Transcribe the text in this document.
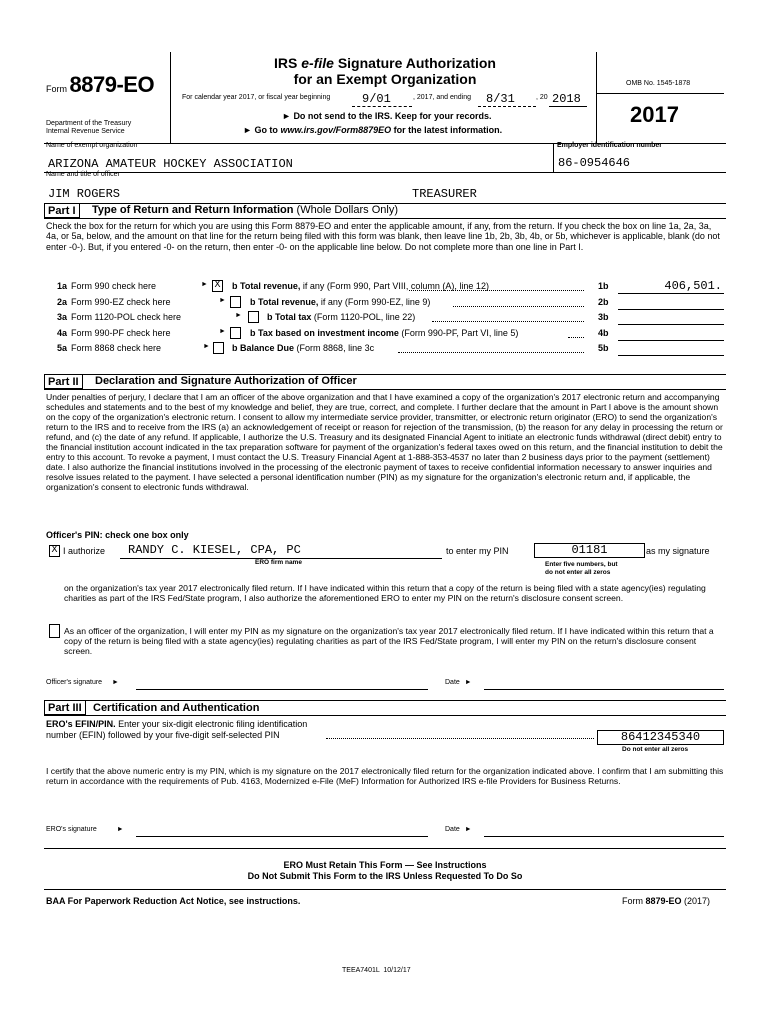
Form 8879-EO
IRS e-file Signature Authorization
for an Exempt Organization
For calendar year 2017, or fiscal year beginning	9/01	, 2017, and ending 8/31	, 20 2018
► Do not send to the IRS. Keep for your records.
► Go to www.irs.gov/Form8879EO for the latest information.
Department of the Treasury
Internal Revenue Service
OMB No. 1545-1878
2017
Name of exempt organization	Employer identification number
ARIZONA AMATEUR HOCKEY ASSOCIATION	86-0954646
Name and title of officer
JIM ROGERS	TREASURER
Part I	Type of Return and Return Information (Whole Dollars Only)
Check the box for the return for which you are using this Form 8879-EO and enter the applicable amount, if any, from the return. If you check the box on line 1a, 2a, 3a, 4a, or 5a, below, and the amount on that line for the return being filed with this form was blank, then leave line 1b, 2b, 3b, 4b, or 5b, whichever is applicable, blank (do not enter -0-). But, if you entered -0- on the return, then enter -0- on the applicable line below. Do not complete more than one line in Part I.
1a Form 990 check here	► X b Total revenue, if any (Form 990, Part VIII, column (A), line 12)	1b	406,501.
2a Form 990-EZ check here	►	b Total revenue, if any (Form 990-EZ, line 9)	2b
3a Form 1120-POL check here	►	b Total tax (Form 1120-POL, line 22)	3b
4a Form 990-PF check here	►	b Tax based on investment income (Form 990-PF, Part VI, line 5)	4b
5a Form 8868 check here	► b Balance Due (Form 8868, line 3c	5b
Part II	Declaration and Signature Authorization of Officer
Under penalties of perjury, I declare that I am an officer of the above organization and that I have examined a copy of the organization's 2017 electronic return and accompanying schedules and statements and to the best of my knowledge and belief, they are true, correct, and complete. I further declare that the amount in Part I above is the amount shown on the copy of the organization's electronic return. I consent to allow my intermediate service provider, transmitter, or electronic return originator (ERO) to send the organization's return to the IRS and to receive from the IRS (a) an acknowledgement of receipt or reason for rejection of the transmission, (b) the reason for any delay in processing the return or refund, and (c) the date of any refund. If applicable, I authorize the U.S. Treasury and its designated Financial Agent to initiate an electronic funds withdrawal (direct debit) entry to the financial institution account indicated in the tax preparation software for payment of the organization's federal taxes owed on this return, and the financial institution to debit the entry to this account. To revoke a payment, I must contact the U.S. Treasury Financial Agent at 1-888-353-4537 no later than 2 business days prior to the payment (settlement) date. I also authorize the financial institutions involved in the processing of the electronic payment of taxes to receive confidential information necessary to answer inquiries and resolve issues related to the payment. I have selected a personal identification number (PIN) as my signature for the organization's electronic return and, if applicable, the organization's consent to electronic funds withdrawal.
Officer's PIN: check one box only
X I authorize RANDY C. KIESEL, CPA, PC
ERO firm name
to enter my PIN	01181	as my signature
Enter five numbers, but
do not enter all zeros
on the organization's tax year 2017 electronically filed return. If I have indicated within this return that a copy of the return is being filed with a state agency(ies) regulating charities as part of the IRS Fed/State program, I also authorize the aforementioned ERO to enter my PIN on the return's disclosure consent screen.
As an officer of the organization, I will enter my PIN as my signature on the organization's tax year 2017 electronically filed return. If I have indicated within this return that a copy of the return is being filed with a state agency(ies) regulating charities as part of the IRS Fed/State program, I will enter my PIN on the return's disclosure consent screen.
Officer's signature ►	Date ►
Part III	Certification and Authentication
ERO's EFIN/PIN. Enter your six-digit electronic filing identification
number (EFIN) followed by your five-digit self-selected PIN	86412345340
Do not enter all zeros
I certify that the above numeric entry is my PIN, which is my signature on the 2017 electronically filed return for the organization indicated above. I confirm that I am submitting this return in accordance with the requirements of Pub. 4163, Modernized e-File (MeF) Information for Authorized IRS e-file Providers for Business Returns.
ERO's signature	►	Date ►
ERO Must Retain This Form — See Instructions
Do Not Submit This Form to the IRS Unless Requested To Do So
BAA For Paperwork Reduction Act Notice, see instructions.	Form 8879-EO (2017)
TEEA7401L  10/12/17
